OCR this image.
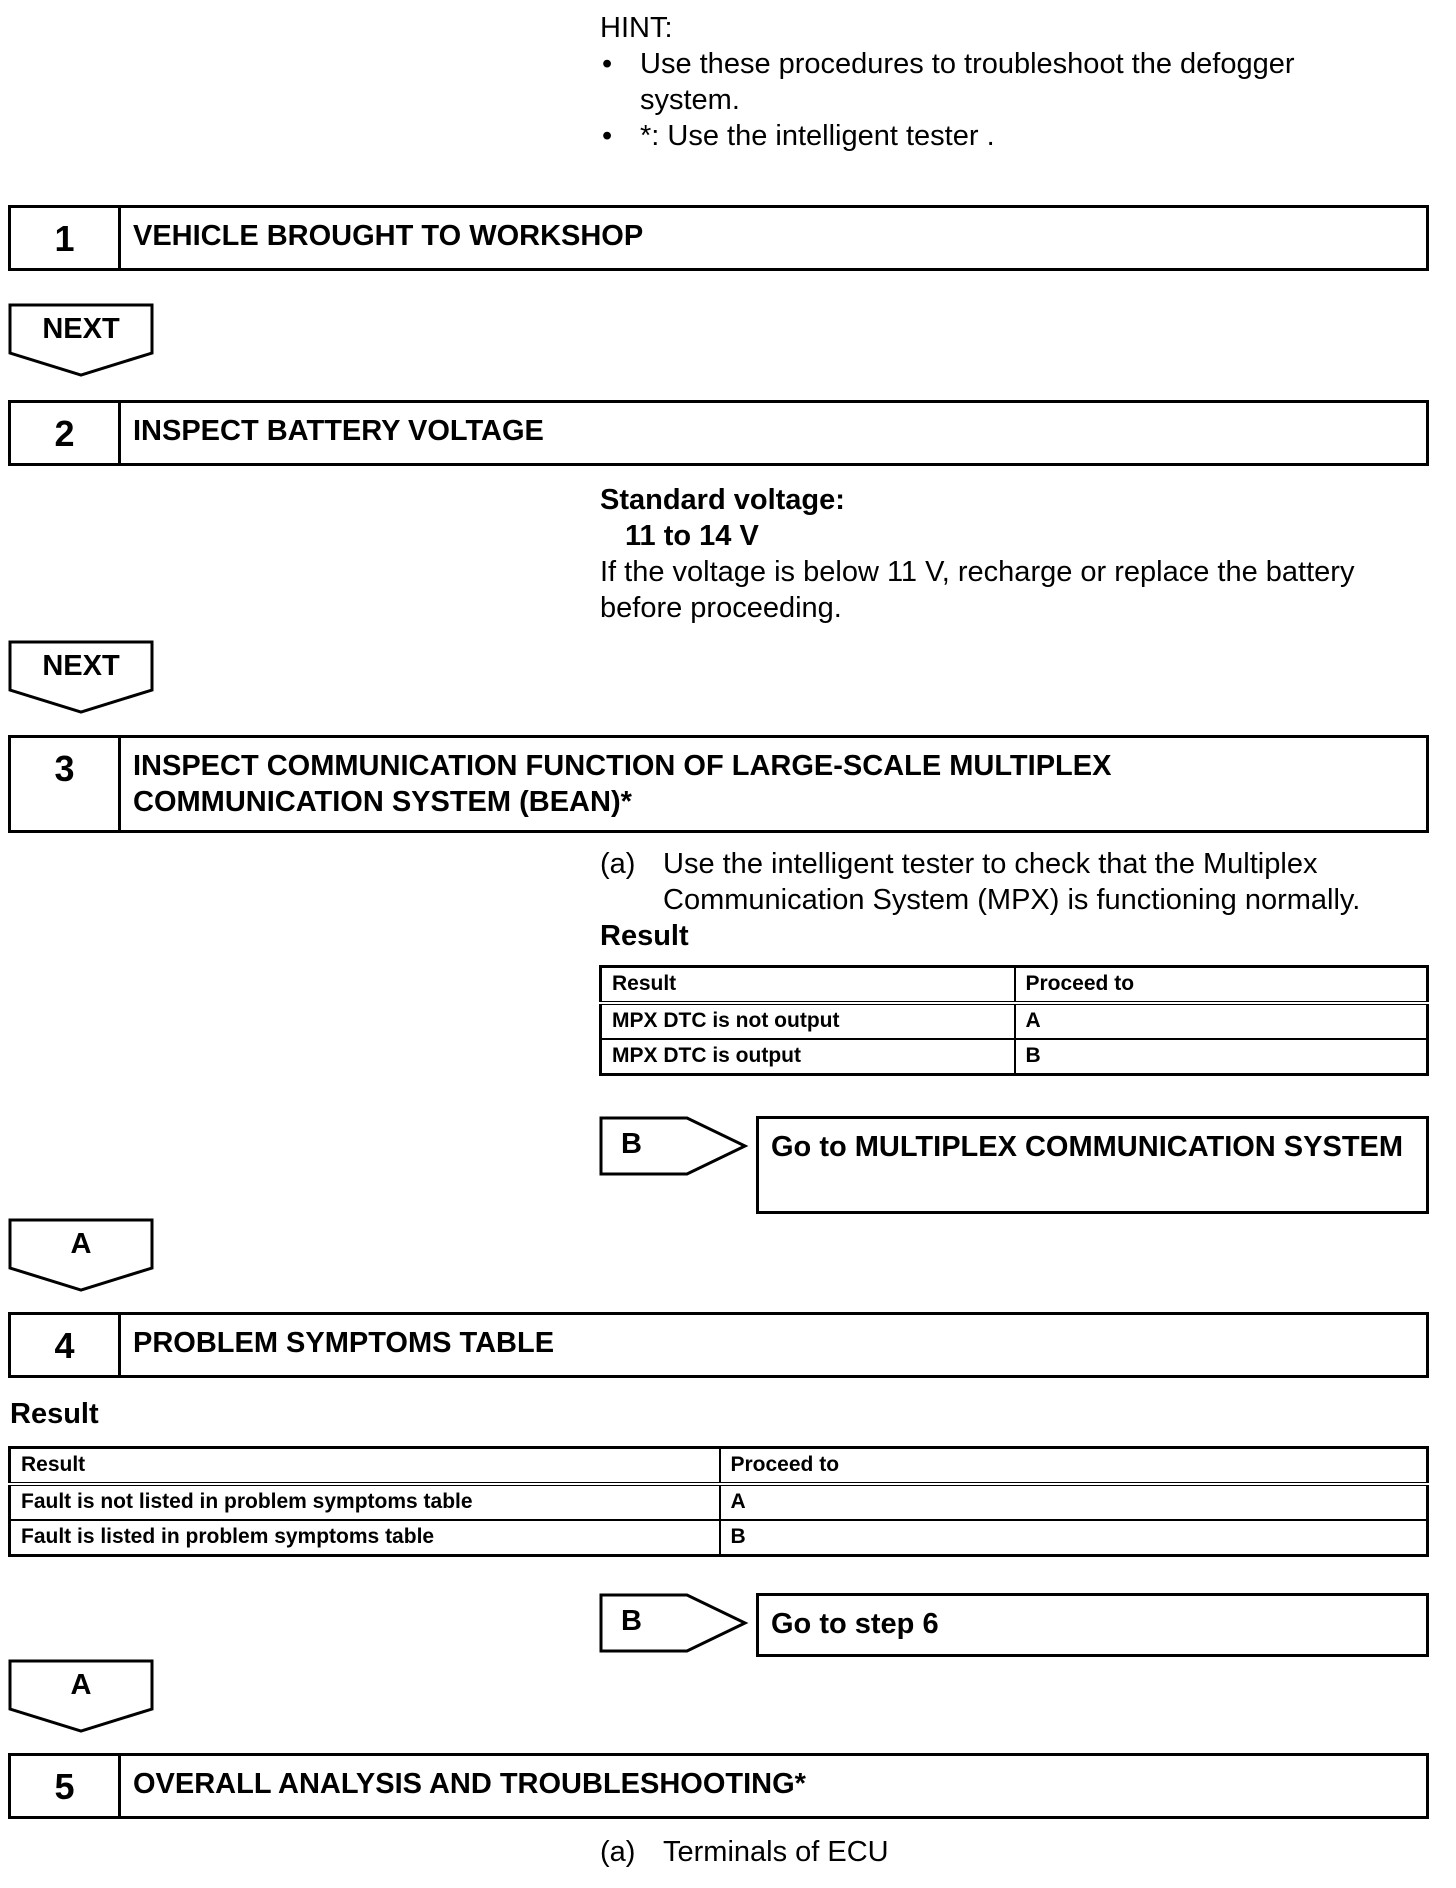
HINT:
• Use these procedures to troubleshoot the defogger system.
• *: Use the intelligent tester .
1	VEHICLE BROUGHT TO WORKSHOP
NEXT
2	INSPECT BATTERY VOLTAGE
Standard voltage:
11 to 14 V
If the voltage is below 11 V, recharge or replace the battery before proceeding.
NEXT
3	INSPECT COMMUNICATION FUNCTION OF LARGE-SCALE MULTIPLEX COMMUNICATION SYSTEM (BEAN)*
(a) Use the intelligent tester to check that the Multiplex Communication System (MPX) is functioning normally.
Result
Result	Proceed to
MPX DTC is not output	A
MPX DTC is output	B
B	Go to MULTIPLEX COMMUNICATION SYSTEM
A
4	PROBLEM SYMPTOMS TABLE
Result
Result	Proceed to
Fault is not listed in problem symptoms table	A
Fault is listed in problem symptoms table	B
B	Go to step 6
A
5	OVERALL ANALYSIS AND TROUBLESHOOTING*
(a) Terminals of ECU
